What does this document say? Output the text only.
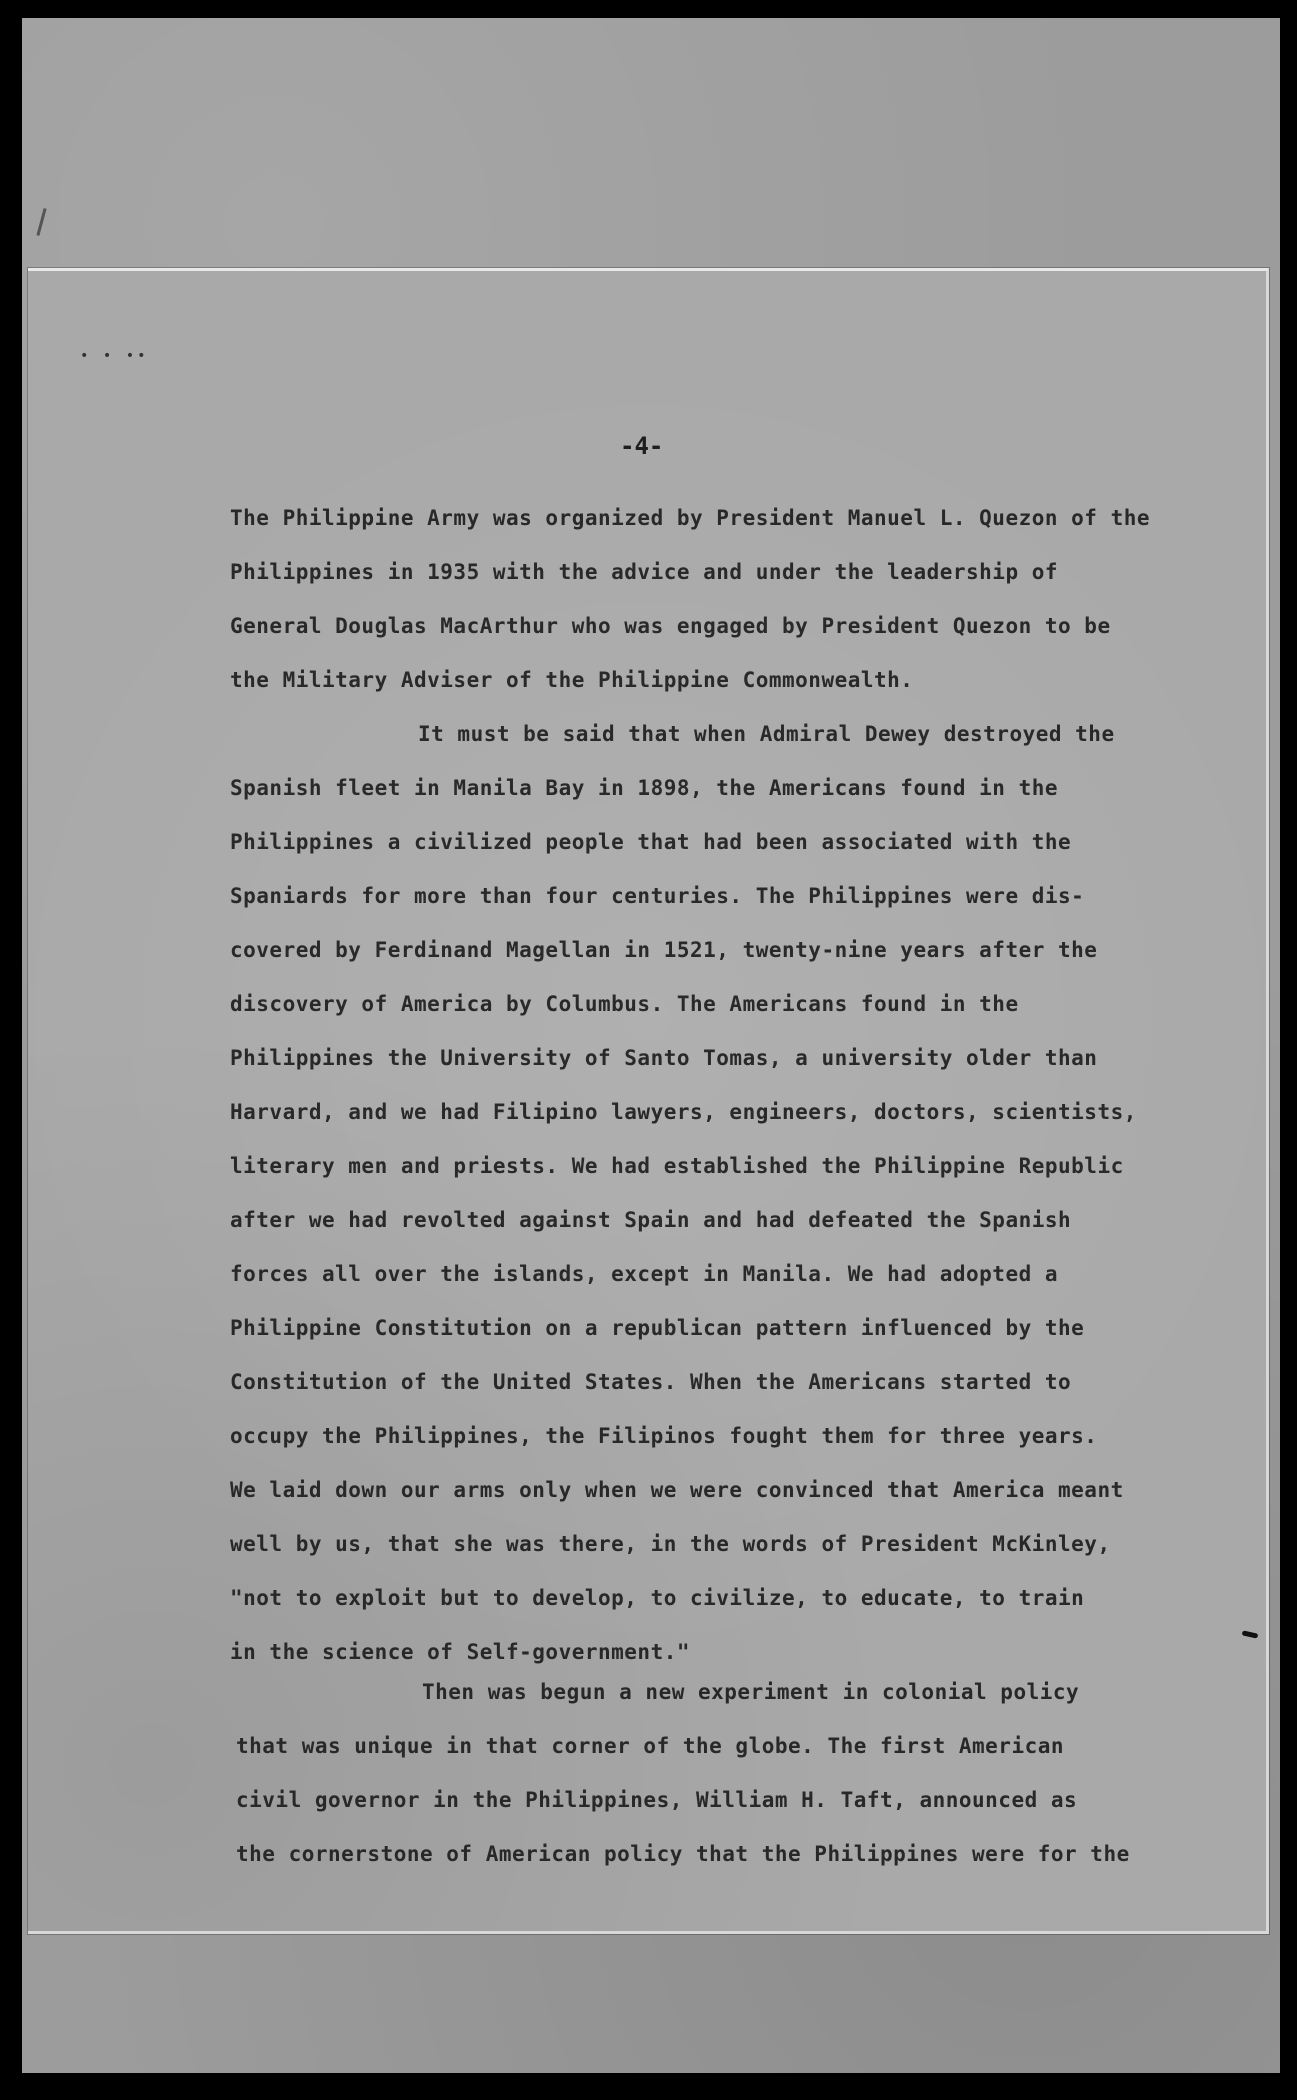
• • ••
-4-
The Philippine Army was organized by President Manuel L. Quezon of the
Philippines in 1935 with the advice and under the leadership of
General Douglas MacArthur who was engaged by President Quezon to be
the Military Adviser of the Philippine Commonwealth.
It must be said that when Admiral Dewey destroyed the
Spanish fleet in Manila Bay in 1898, the Americans found in the
Philippines a civilized people that had been associated with the
Spaniards for more than four centuries. The Philippines were dis-
covered by Ferdinand Magellan in 1521, twenty-nine years after the
discovery of America by Columbus. The Americans found in the
Philippines the University of Santo Tomas, a university older than
Harvard, and we had Filipino lawyers, engineers, doctors, scientists,
literary men and priests. We had established the Philippine Republic
after we had revolted against Spain and had defeated the Spanish
forces all over the islands, except in Manila. We had adopted a
Philippine Constitution on a republican pattern influenced by the
Constitution of the United States. When the Americans started to
occupy the Philippines, the Filipinos fought them for three years.
We laid down our arms only when we were convinced that America meant
well by us, that she was there, in the words of President McKinley,
"not to exploit but to develop, to civilize, to educate, to train
in the science of Self-government."
Then was begun a new experiment in colonial policy
that was unique in that corner of the globe. The first American
civil governor in the Philippines, William H. Taft, announced as
the cornerstone of American policy that the Philippines were for the
